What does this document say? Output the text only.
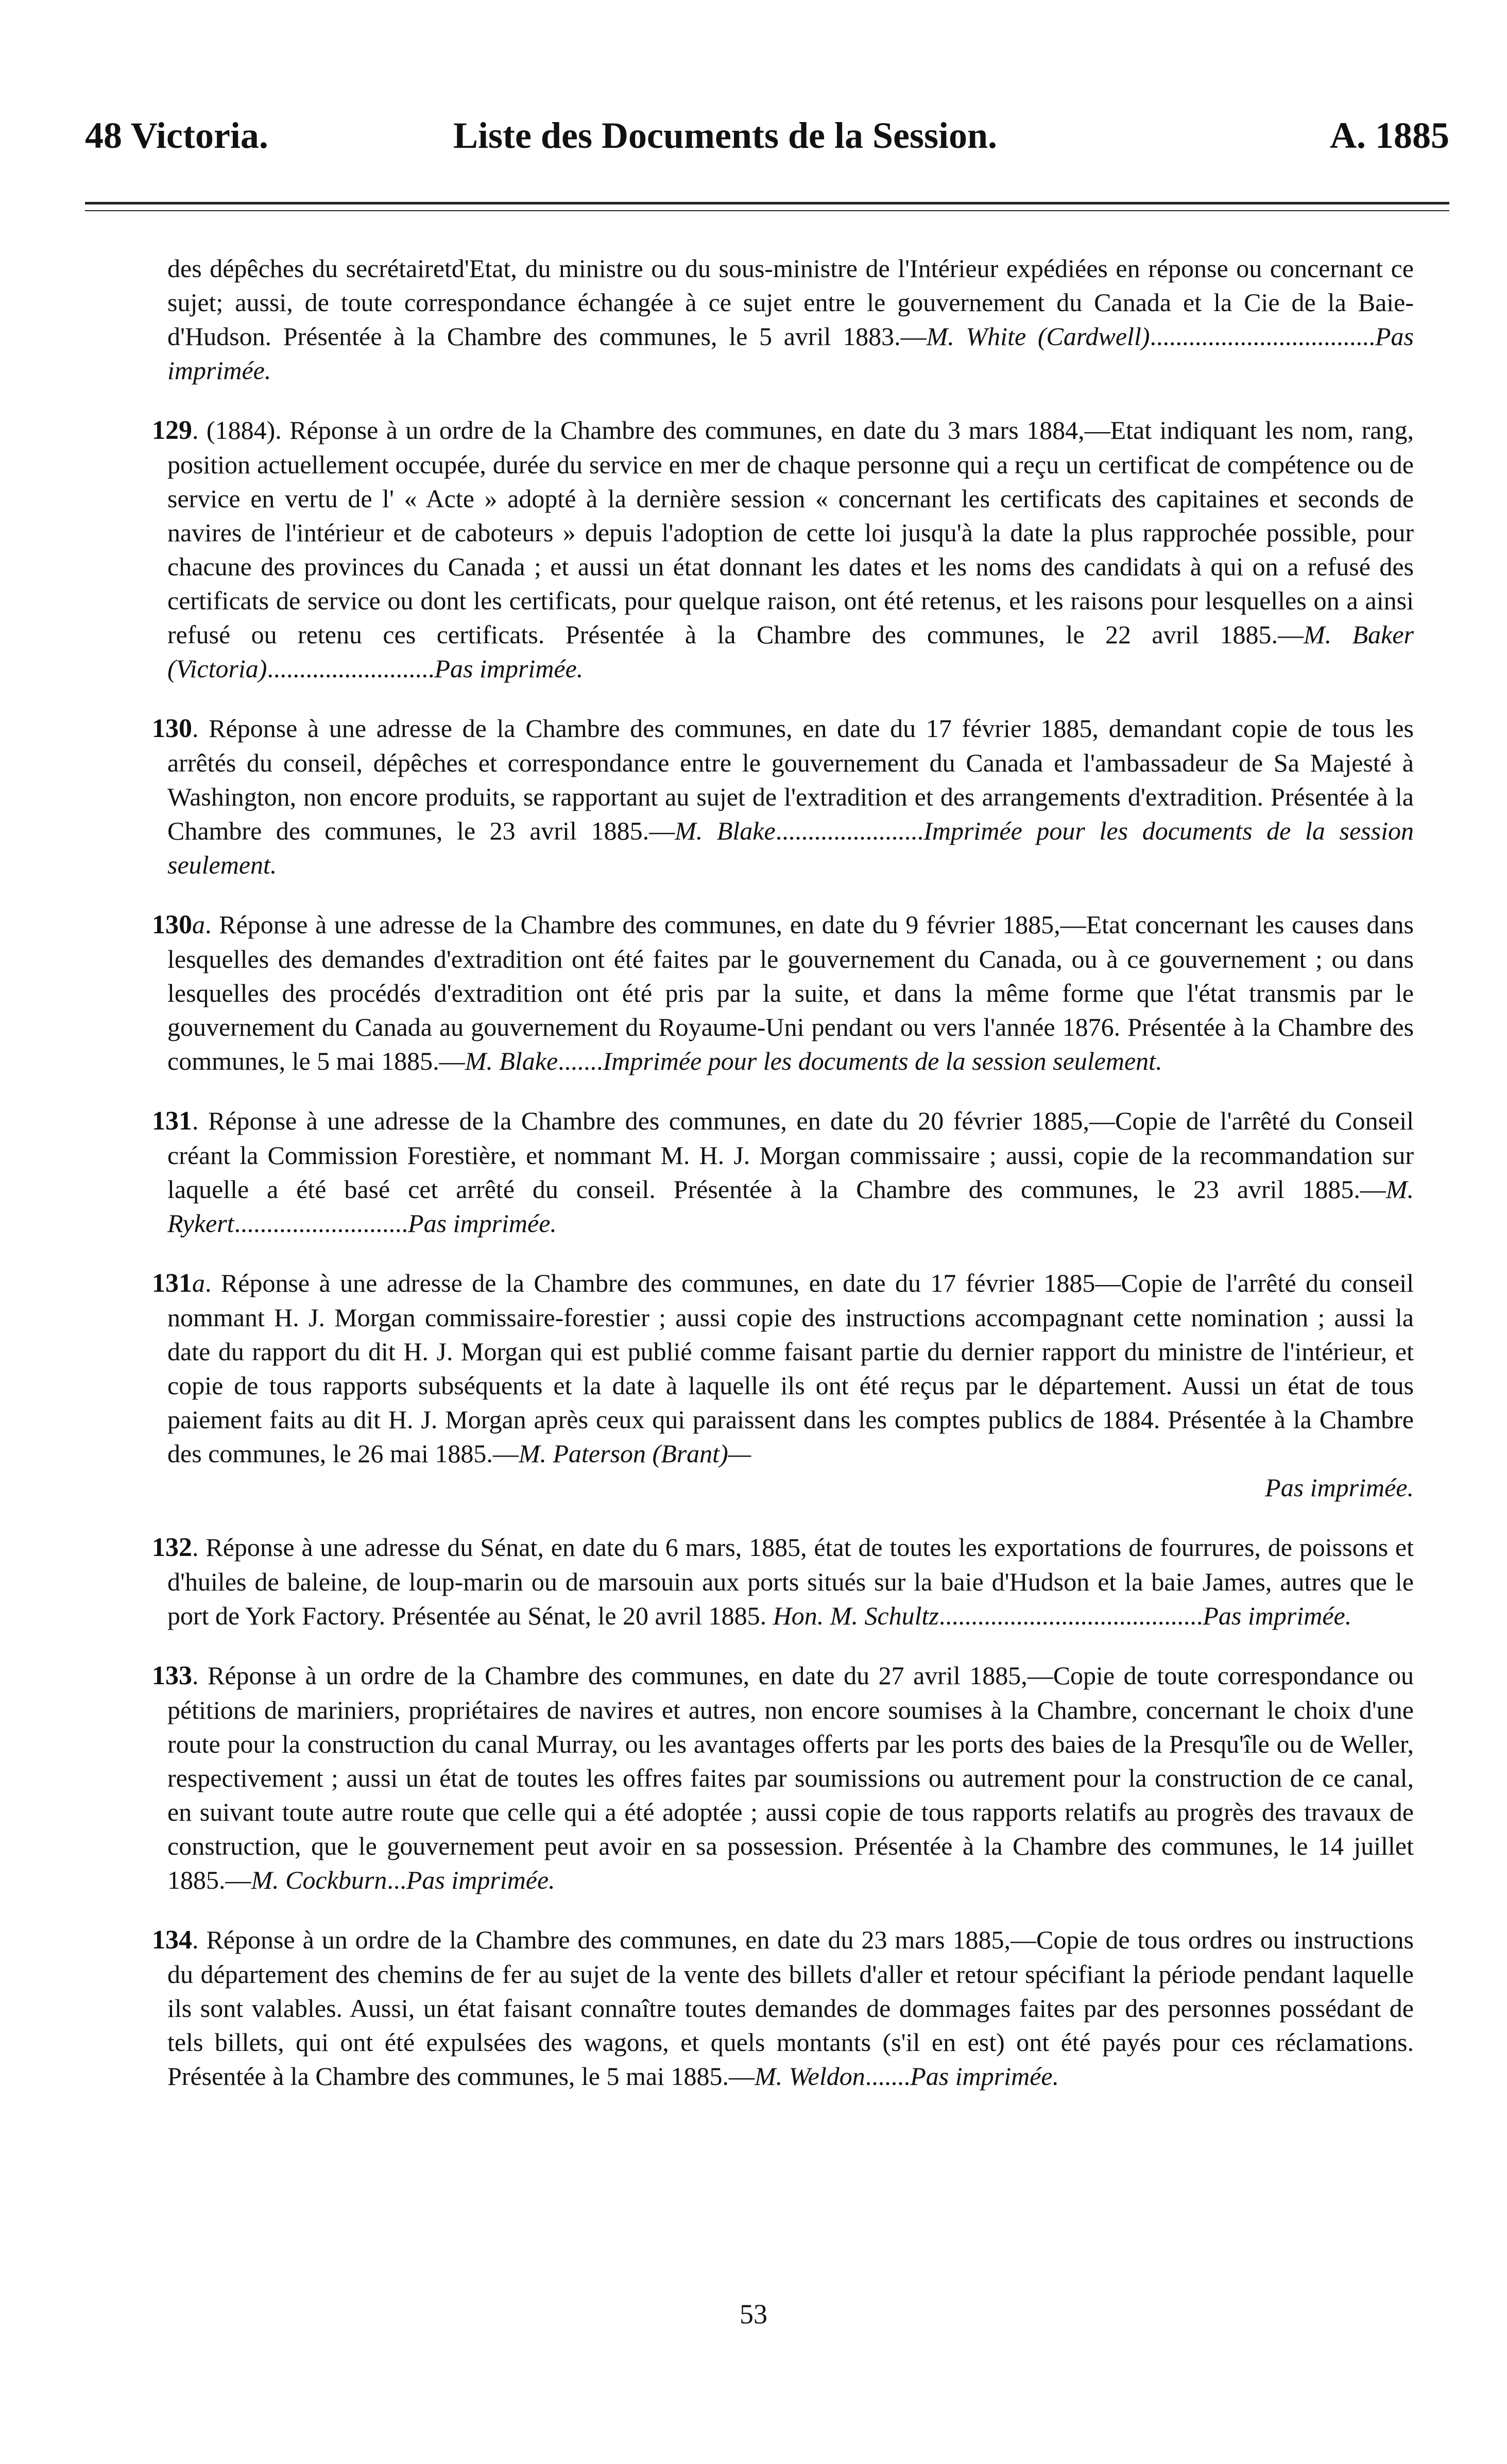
48 Victoria.	Liste des Documents de la Session.	A. 1885

des dépêches du secrétairetd'Etat, du ministre ou du sous-ministre de l'Intérieur expédiées en réponse ou concernant ce sujet; aussi, de toute correspondance échangée à ce sujet entre le gouvernement du Canada et la Cie de la Baie-d'Hudson. Présentée à la Chambre des communes, le 5 avril 1883.—M. White (Cardwell)...................................Pas imprimée.

129. (1884). Réponse à un ordre de la Chambre des communes, en date du 3 mars 1884,—Etat indiquant les nom, rang, position actuellement occupée, durée du service en mer de chaque personne qui a reçu un certificat de compétence ou de service en vertu de l' « Acte » adopté à la dernière session « concernant les certificats des capitaines et seconds de navires de l'intérieur et de caboteurs » depuis l'adoption de cette loi jusqu'à la date la plus rapprochée possible, pour chacune des provinces du Canada ; et aussi un état donnant les dates et les noms des candidats à qui on a refusé des certificats de service ou dont les certificats, pour quelque raison, ont été retenus, et les raisons pour lesquelles on a ainsi refusé ou retenu ces certificats. Présentée à la Chambre des communes, le 22 avril 1885.—M. Baker (Victoria)..........................Pas imprimée.

130. Réponse à une adresse de la Chambre des communes, en date du 17 février 1885, demandant copie de tous les arrêtés du conseil, dépêches et correspondance entre le gouvernement du Canada et l'ambassadeur de Sa Majesté à Washington, non encore produits, se rapportant au sujet de l'extradition et des arrangements d'extradition. Présentée à la Chambre des communes, le 23 avril 1885.—M. Blake.......................Imprimée pour les documents de la session seulement.

130a. Réponse à une adresse de la Chambre des communes, en date du 9 février 1885,—Etat concernant les causes dans lesquelles des demandes d'extradition ont été faites par le gouvernement du Canada, ou à ce gouvernement ; ou dans lesquelles des procédés d'extradition ont été pris par la suite, et dans la même forme que l'état transmis par le gouvernement du Canada au gouvernement du Royaume-Uni pendant ou vers l'année 1876. Présentée à la Chambre des communes, le 5 mai 1885.—M. Blake.......Imprimée pour les documents de la session seulement.

131. Réponse à une adresse de la Chambre des communes, en date du 20 février 1885,—Copie de l'arrêté du Conseil créant la Commission Forestière, et nommant M. H. J. Morgan commissaire ; aussi, copie de la recommandation sur laquelle a été basé cet arrêté du conseil. Présentée à la Chambre des communes, le 23 avril 1885.—M. Rykert...........................Pas imprimée.

131a. Réponse à une adresse de la Chambre des communes, en date du 17 février 1885—Copie de l'arrêté du conseil nommant H. J. Morgan commissaire-forestier ; aussi copie des instructions accompagnant cette nomination ; aussi la date du rapport du dit H. J. Morgan qui est publié comme faisant partie du dernier rapport du ministre de l'intérieur, et copie de tous rapports subséquents et la date à laquelle ils ont été reçus par le département. Aussi un état de tous paiement faits au dit H. J. Morgan après ceux qui paraissent dans les comptes publics de 1884. Présentée à la Chambre des communes, le 26 mai 1885.—M. Paterson (Brant)—
Pas imprimée.

132. Réponse à une adresse du Sénat, en date du 6 mars, 1885, état de toutes les exportations de fourrures, de poissons et d'huiles de baleine, de loup-marin ou de marsouin aux ports situés sur la baie d'Hudson et la baie James, autres que le port de York Factory. Présentée au Sénat, le 20 avril 1885. Hon. M. Schultz.........................................Pas imprimée.

133. Réponse à un ordre de la Chambre des communes, en date du 27 avril 1885,—Copie de toute correspondance ou pétitions de mariniers, propriétaires de navires et autres, non encore soumises à la Chambre, concernant le choix d'une route pour la construction du canal Murray, ou les avantages offerts par les ports des baies de la Presqu'île ou de Weller, respectivement ; aussi un état de toutes les offres faites par soumissions ou autrement pour la construction de ce canal, en suivant toute autre route que celle qui a été adoptée ; aussi copie de tous rapports relatifs au progrès des travaux de construction, que le gouvernement peut avoir en sa possession. Présentée à la Chambre des communes, le 14 juillet 1885.—M. Cockburn...Pas imprimée.

134. Réponse à un ordre de la Chambre des communes, en date du 23 mars 1885,—Copie de tous ordres ou instructions du département des chemins de fer au sujet de la vente des billets d'aller et retour spécifiant la période pendant laquelle ils sont valables. Aussi, un état faisant connaître toutes demandes de dommages faites par des personnes possédant de tels billets, qui ont été expulsées des wagons, et quels montants (s'il en est) ont été payés pour ces réclamations. Présentée à la Chambre des communes, le 5 mai 1885.—M. Weldon.......Pas imprimée.

53
